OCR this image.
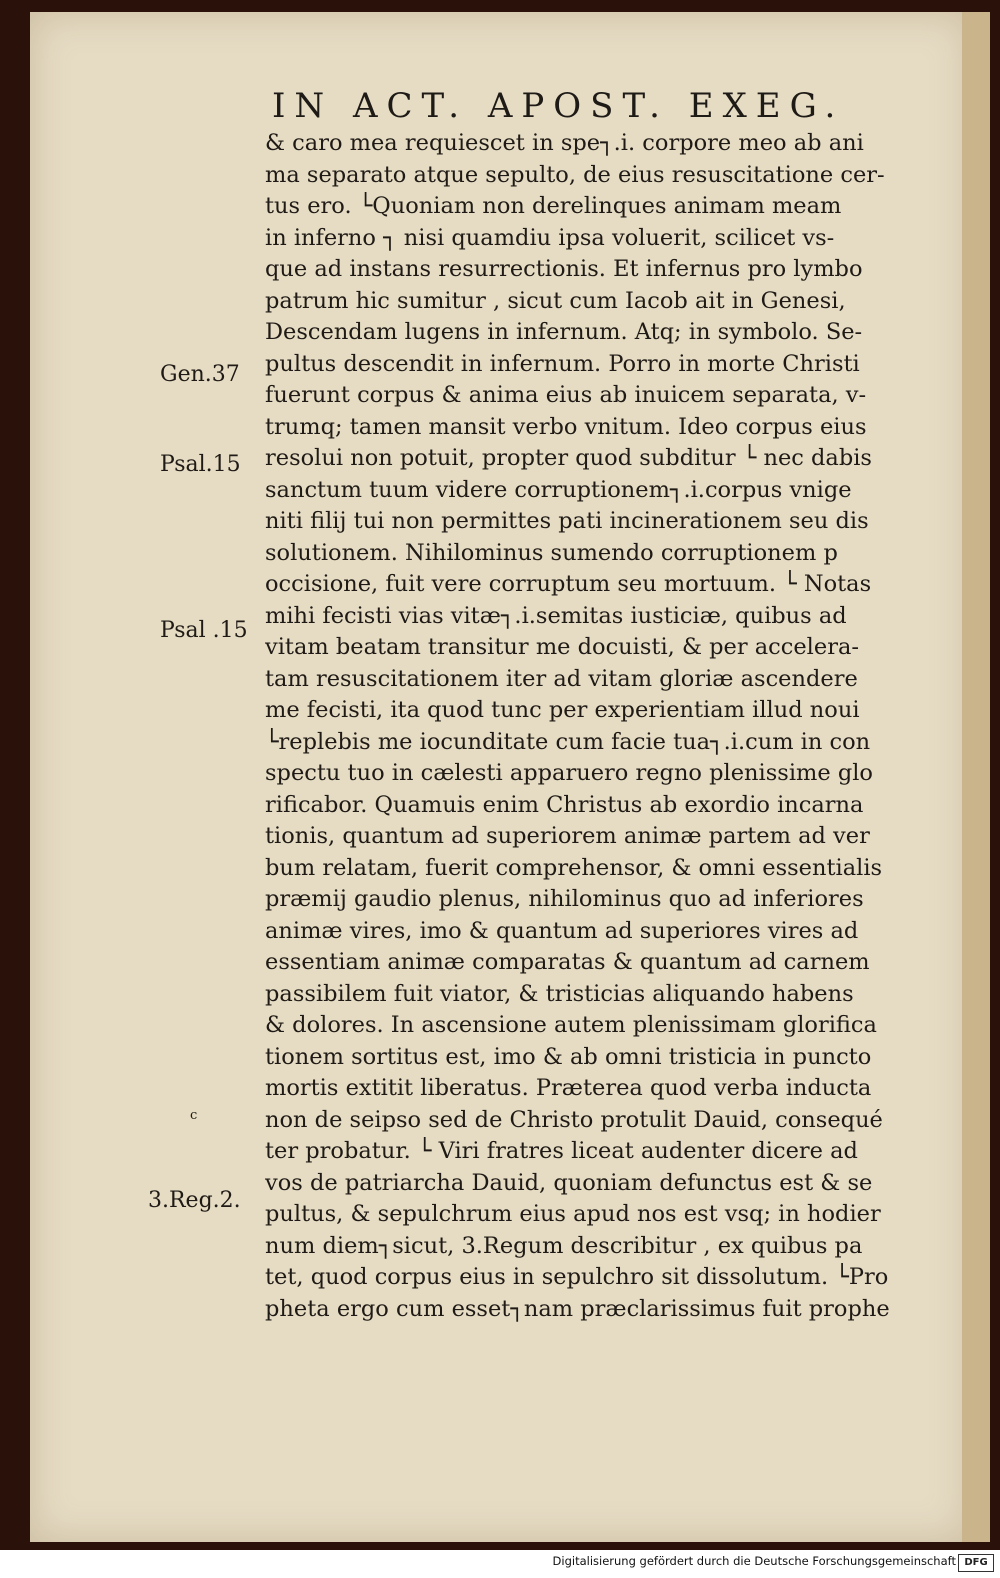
IN ACT. APOST. EXEG.
& caro mea requiescet in spe┐.i. corpore meo ab ani
ma separato atque sepulto, de eius resuscitatione cer-
tus ero. └Quoniam non derelinques animam meam
in inferno ┐ nisi quamdiu ipsa voluerit, scilicet vs-
que ad instans resurrectionis. Et infernus pro lymbo
patrum hic sumitur , sicut cum Iacob ait in Genesi,
Descendam lugens in infernum. Atq; in symbolo. Se-
pultus descendit in infernum. Porro in morte Christi
fuerunt corpus & anima eius ab inuicem separata, v-
trumq; tamen mansit verbo vnitum. Ideo corpus eius
resolui non potuit, propter quod subditur └ nec dabis
sanctum tuum videre corruptionem┐.i.corpus vnige
niti filij tui non permittes pati incinerationem seu dis
solutionem. Nihilominus sumendo corruptionem p
occisione, fuit vere corruptum seu mortuum. └ Notas
mihi fecisti vias vitæ┐.i.semitas iusticiæ, quibus ad
vitam beatam transitur me docuisti, & per accelera-
tam resuscitationem iter ad vitam gloriæ ascendere
me fecisti, ita quod tunc per experientiam illud noui
└replebis me iocunditate cum facie tua┐.i.cum in con
spectu tuo in cælesti apparuero regno plenissime glo
rificabor. Quamuis enim Christus ab exordio incarna
tionis, quantum ad superiorem animæ partem ad ver
bum relatam, fuerit comprehensor, & omni essentialis
præmij gaudio plenus, nihilominus quo ad inferiores
animæ vires, imo & quantum ad superiores vires ad
essentiam animæ comparatas & quantum ad carnem
passibilem fuit viator, & tristicias aliquando habens
& dolores. In ascensione autem plenissimam glorifica
tionem sortitus est, imo & ab omni tristicia in puncto
mortis extitit liberatus. Præterea quod verba inducta
non de seipso sed de Christo protulit Dauid, consequé
ter probatur. └ Viri fratres liceat audenter dicere ad
vos de patriarcha Dauid, quoniam defunctus est & se
pultus, & sepulchrum eius apud nos est vsq; in hodier
num diem┐sicut, 3.Regum describitur , ex quibus pa
tet, quod corpus eius in sepulchro sit dissolutum. └Pro
pheta ergo cum esset┐nam præclarissimus fuit prophe
Gen.37
Psal.15
Psal .15
c
3.Reg.2.
Digitalisierung gefördert durch die Deutsche Forschungsgemeinschaft DFG
